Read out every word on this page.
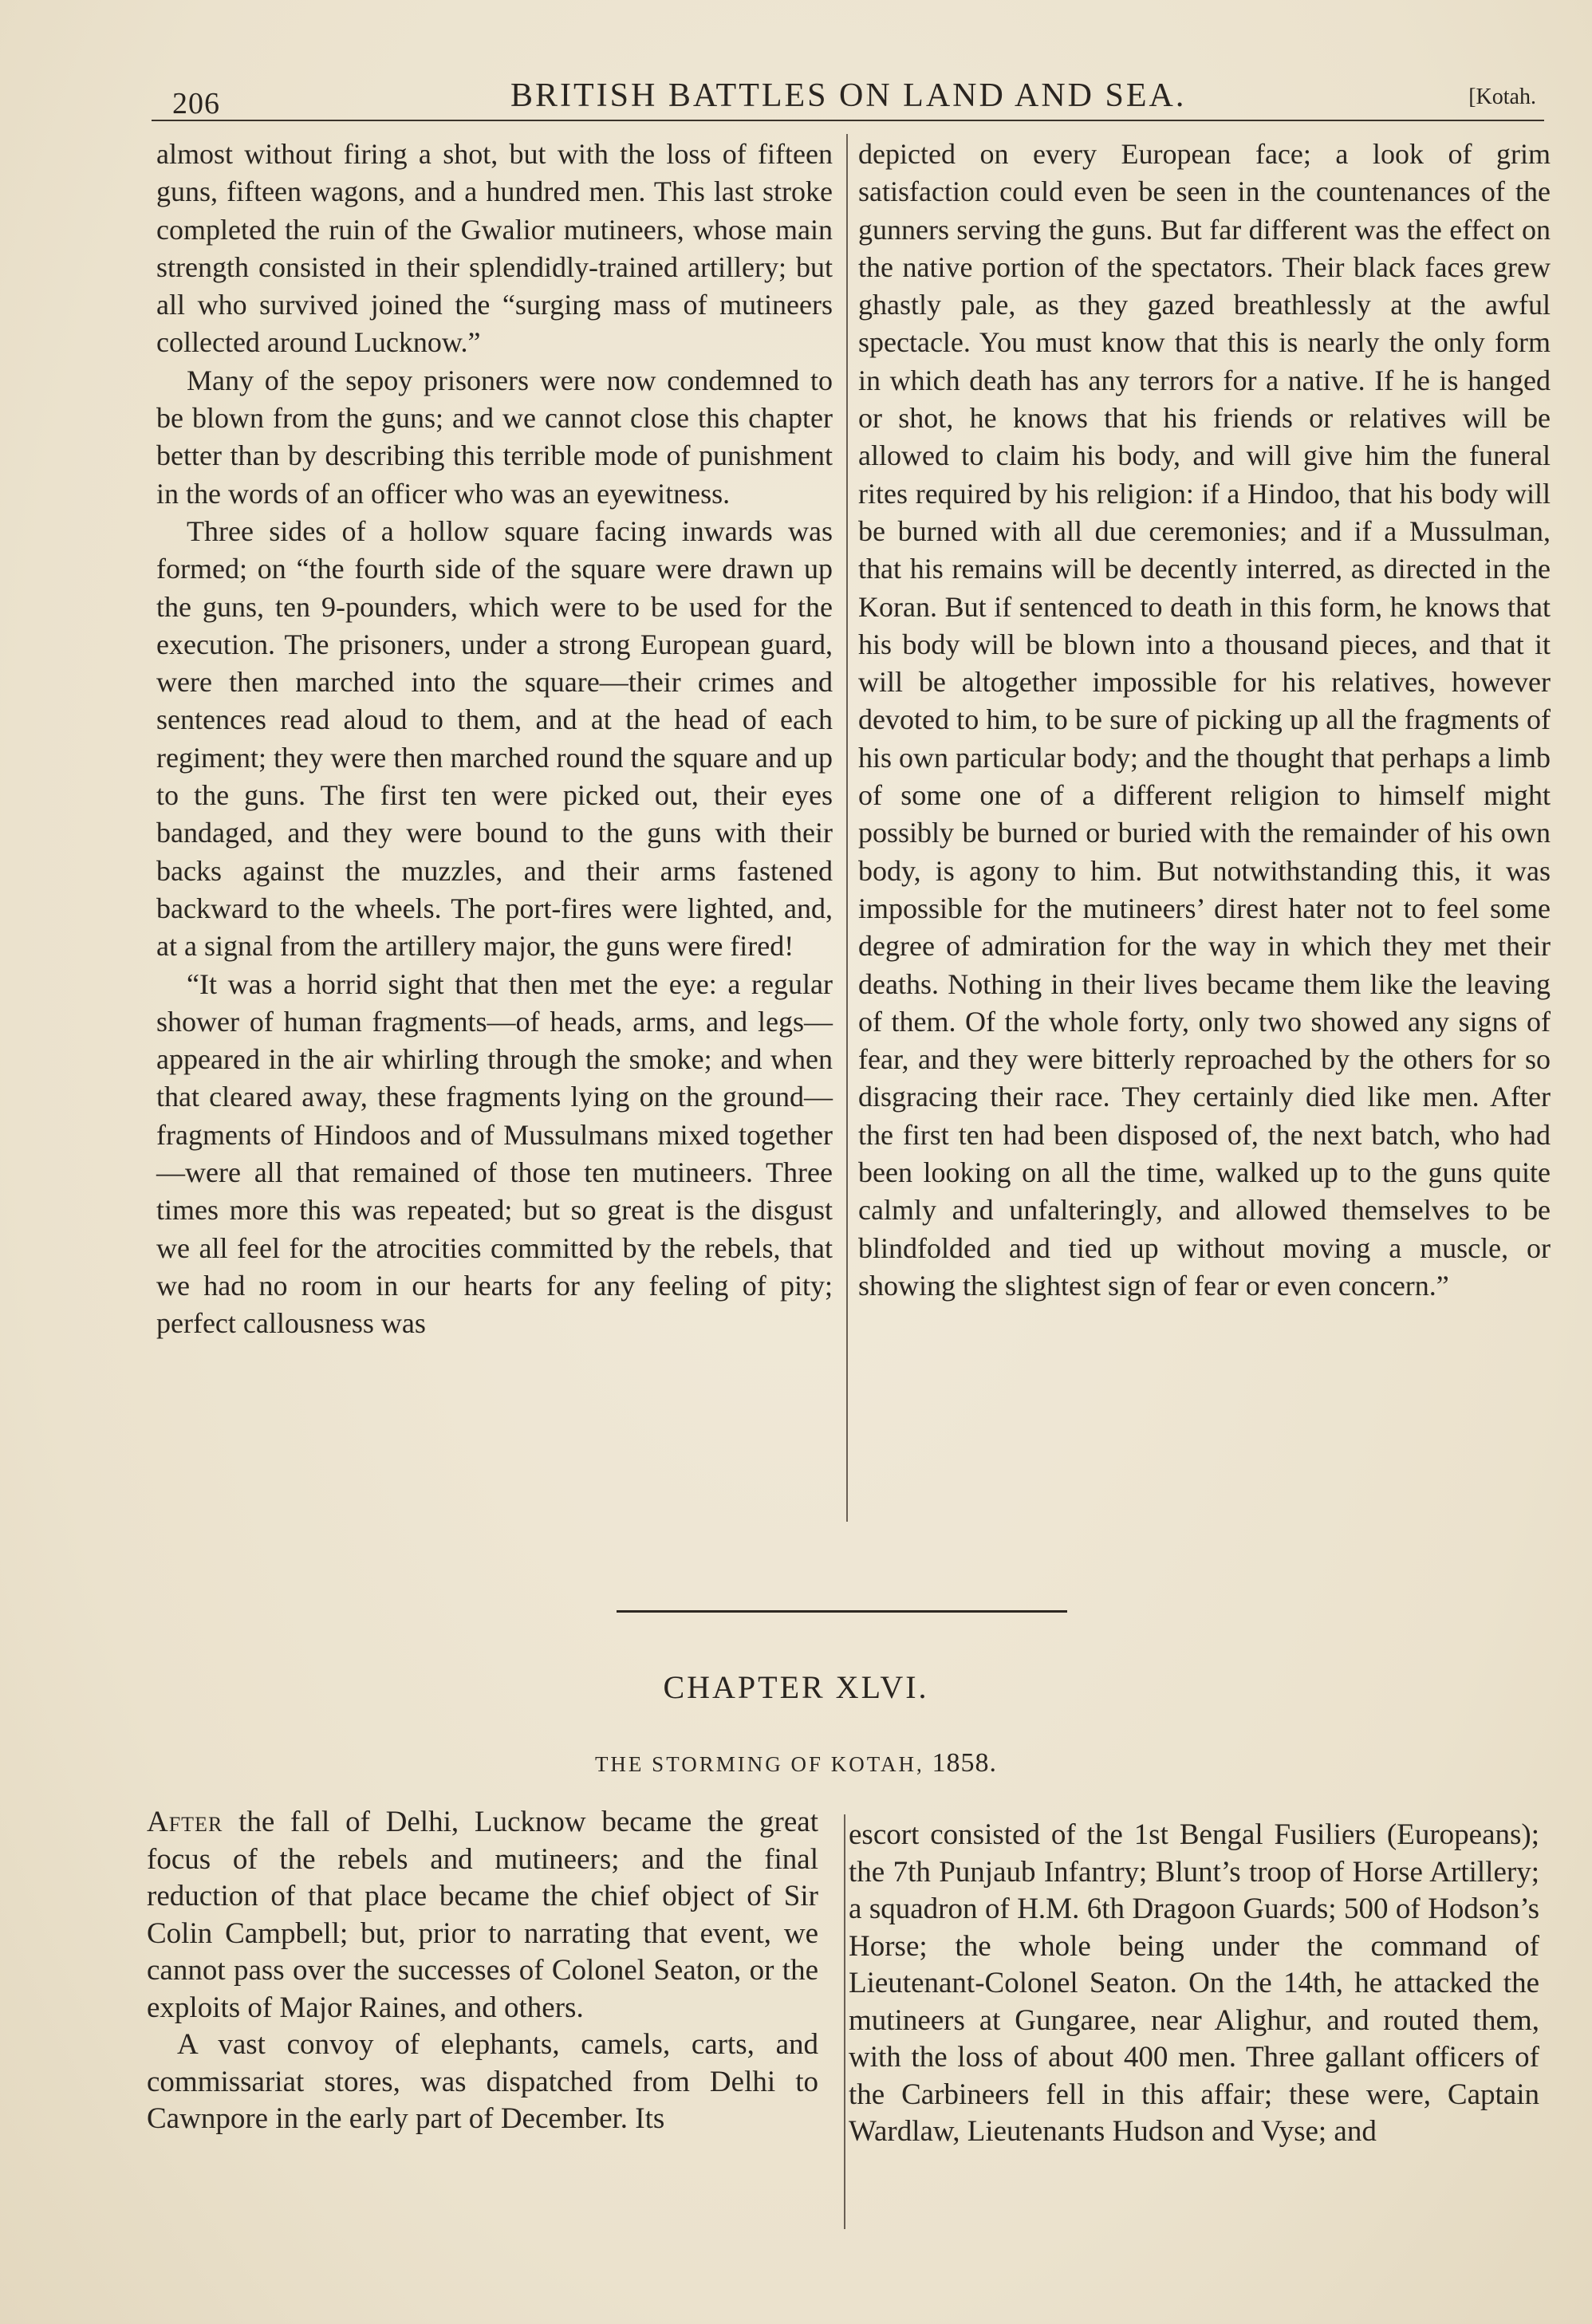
206	BRITISH BATTLES ON LAND AND SEA.	[Kotah.

almost without firing a shot, but with the loss of fifteen guns, fifteen wagons, and a hundred men. This last stroke completed the ruin of the Gwalior mutineers, whose main strength consisted in their splendidly-trained artillery; but all who survived joined the “surging mass of mutineers collected around Lucknow.”

Many of the sepoy prisoners were now condemned to be blown from the guns; and we cannot close this chapter better than by describing this terrible mode of punishment in the words of an officer who was an eyewitness.

Three sides of a hollow square facing inwards was formed; on “the fourth side of the square were drawn up the guns, ten 9-pounders, which were to be used for the execution. The prisoners, under a strong European guard, were then marched into the square—their crimes and sentences read aloud to them, and at the head of each regiment; they were then marched round the square and up to the guns. The first ten were picked out, their eyes bandaged, and they were bound to the guns with their backs against the muzzles, and their arms fastened backward to the wheels. The port-fires were lighted, and, at a signal from the artillery major, the guns were fired!

“It was a horrid sight that then met the eye: a regular shower of human fragments—of heads, arms, and legs—appeared in the air whirling through the smoke; and when that cleared away, these fragments lying on the ground—fragments of Hindoos and of Mussulmans mixed together—were all that remained of those ten mutineers. Three times more this was repeated; but so great is the disgust we all feel for the atrocities committed by the rebels, that we had no room in our hearts for any feeling of pity; perfect callousness was

depicted on every European face; a look of grim satisfaction could even be seen in the countenances of the gunners serving the guns. But far different was the effect on the native portion of the spectators. Their black faces grew ghastly pale, as they gazed breathlessly at the awful spectacle. You must know that this is nearly the only form in which death has any terrors for a native. If he is hanged or shot, he knows that his friends or relatives will be allowed to claim his body, and will give him the funeral rites required by his religion: if a Hindoo, that his body will be burned with all due ceremonies; and if a Mussulman, that his remains will be decently interred, as directed in the Koran. But if sentenced to death in this form, he knows that his body will be blown into a thousand pieces, and that it will be altogether impossible for his relatives, however devoted to him, to be sure of picking up all the fragments of his own particular body; and the thought that perhaps a limb of some one of a different religion to himself might possibly be burned or buried with the remainder of his own body, is agony to him. But notwithstanding this, it was impossible for the mutineers’ direst hater not to feel some degree of admiration for the way in which they met their deaths. Nothing in their lives became them like the leaving of them. Of the whole forty, only two showed any signs of fear, and they were bitterly reproached by the others for so disgracing their race. They certainly died like men. After the first ten had been disposed of, the next batch, who had been looking on all the time, walked up to the guns quite calmly and unfalteringly, and allowed themselves to be blindfolded and tied up without moving a muscle, or showing the slightest sign of fear or even concern.”

CHAPTER XLVI.
THE STORMING OF KOTAH, 1858.

After the fall of Delhi, Lucknow became the great focus of the rebels and mutineers; and the final reduction of that place became the chief object of Sir Colin Campbell; but, prior to narrating that event, we cannot pass over the successes of Colonel Seaton, or the exploits of Major Raines, and others.

A vast convoy of elephants, camels, carts, and commissariat stores, was dispatched from Delhi to Cawnpore in the early part of December. Its

escort consisted of the 1st Bengal Fusiliers (Europeans); the 7th Punjaub Infantry; Blunt’s troop of Horse Artillery; a squadron of H.M. 6th Dragoon Guards; 500 of Hodson’s Horse; the whole being under the command of Lieutenant-Colonel Seaton. On the 14th, he attacked the mutineers at Gungaree, near Alighur, and routed them, with the loss of about 400 men. Three gallant officers of the Carbineers fell in this affair; these were, Captain Wardlaw, Lieutenants Hudson and Vyse; and
